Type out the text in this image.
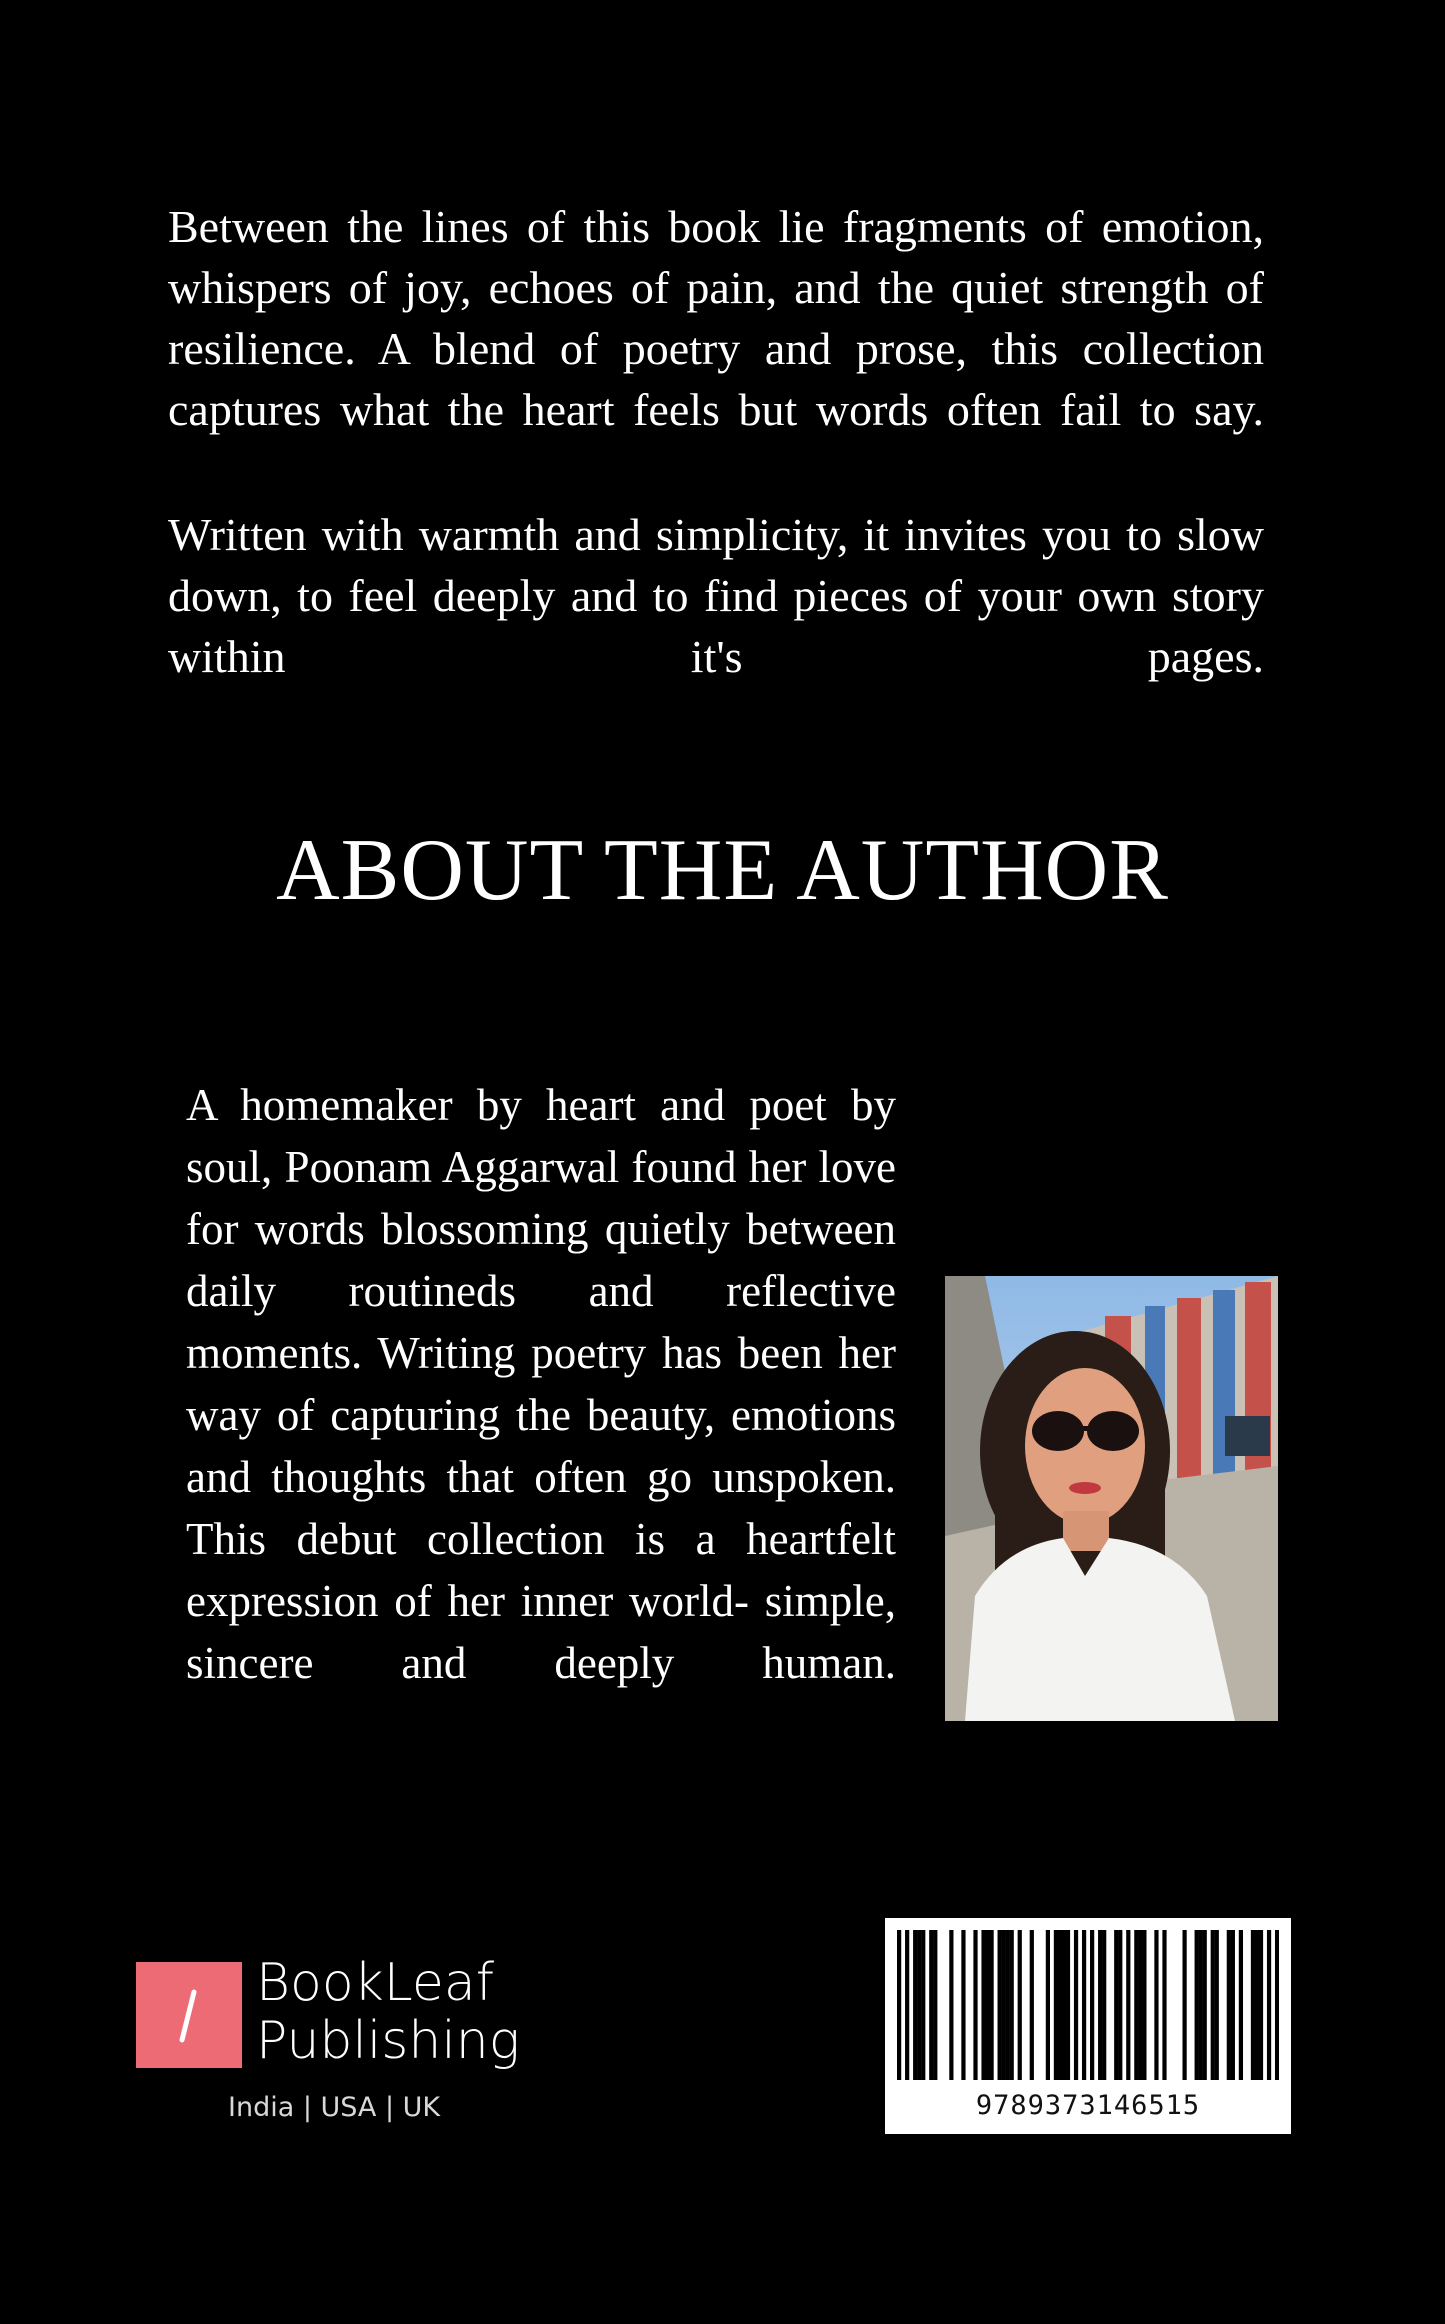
Between the lines of this book lie fragments of emotion, whispers of joy, echoes of pain, and the quiet strength of resilience. A blend of poetry and prose, this collection captures what the heart feels but words often fail to say.

Written with warmth and simplicity, it invites you to slow down, to feel deeply and to find pieces of your own story within it's pages.

ABOUT THE AUTHOR

A homemaker by heart and poet by soul, Poonam Aggarwal found her love for words blossoming quietly between daily routineds and reflective moments. Writing poetry has been her way of capturing the beauty, emotions and thoughts that often go unspoken. This debut collection is a heartfelt expression of her inner world- simple, sincere and deeply human.

BookLeaf
Publishing
India | USA | UK	9789373146515
